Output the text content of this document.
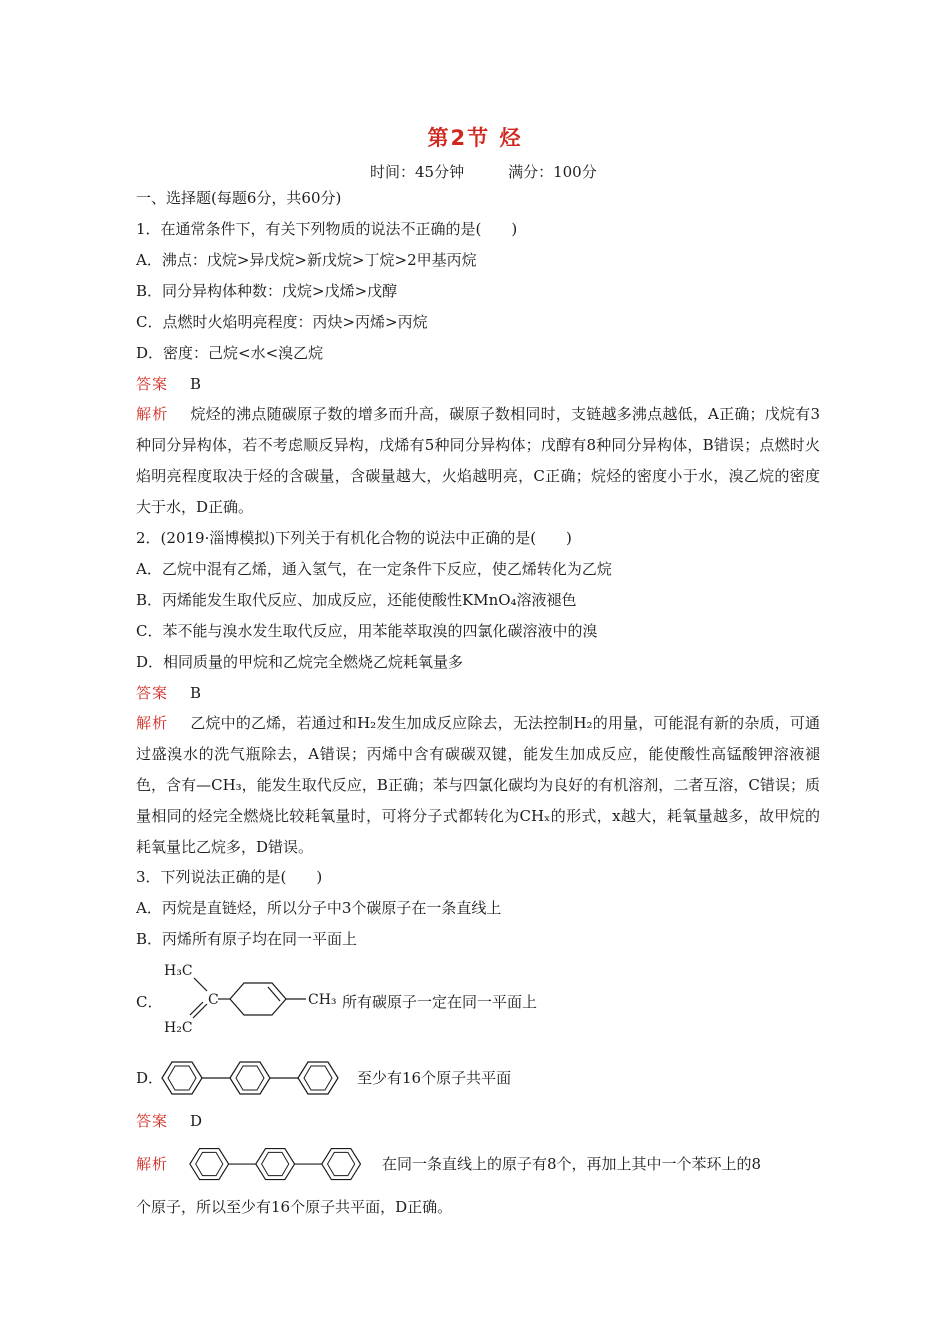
第2节 烃
时间：45分钟	满分：100分
一、选择题(每题6分，共60分)
1．在通常条件下，有关下列物质的说法不正确的是(　　)
A．沸点：戊烷>异戊烷>新戊烷>丁烷>2甲基丙烷
B．同分异构体种数：戊烷>戊烯>戊醇
C．点燃时火焰明亮程度：丙炔>丙烯>丙烷
D．密度：己烷<水<溴乙烷
答案 B
解析 烷烃的沸点随碳原子数的增多而升高，碳原子数相同时，支链越多沸点越低，A正确；戊烷有3种同分异构体，若不考虑顺反异构，戊烯有5种同分异构体；戊醇有8种同分异构体，B错误；点燃时火焰明亮程度取决于烃的含碳量，含碳量越大，火焰越明亮，C正确；烷烃的密度小于水，溴乙烷的密度大于水，D正确。
2．(2019·淄博模拟)下列关于有机化合物的说法中正确的是(　　)
A．乙烷中混有乙烯，通入氢气，在一定条件下反应，使乙烯转化为乙烷
B．丙烯能发生取代反应、加成反应，还能使酸性KMnO₄溶液褪色
C．苯不能与溴水发生取代反应，用苯能萃取溴的四氯化碳溶液中的溴
D．相同质量的甲烷和乙烷完全燃烧乙烷耗氧量多
答案 B
解析 乙烷中的乙烯，若通过和H₂发生加成反应除去，无法控制H₂的用量，可能混有新的杂质，可通过盛溴水的洗气瓶除去，A错误；丙烯中含有碳碳双键，能发生加成反应，能使酸性高锰酸钾溶液褪色，含有—CH₃，能发生取代反应，B正确；苯与四氯化碳均为良好的有机溶剂，二者互溶，C错误；质量相同的烃完全燃烧比较耗氧量时，可将分子式都转化为CHₓ的形式，x越大，耗氧量越多，故甲烷的耗氧量比乙烷多，D错误。
3．下列说法正确的是(　　)
A．丙烷是直链烃，所以分子中3个碳原子在一条直线上
B．丙烯所有原子均在同一平面上
C．
H₃C
H₂C
C	CH₃ 所有碳原子一定在同一平面上
D．	至少有16个原子共平面
答案 D
解析	在同一条直线上的原子有8个，再加上其中一个苯环上的8
个原子，所以至少有16个原子共平面，D正确。
